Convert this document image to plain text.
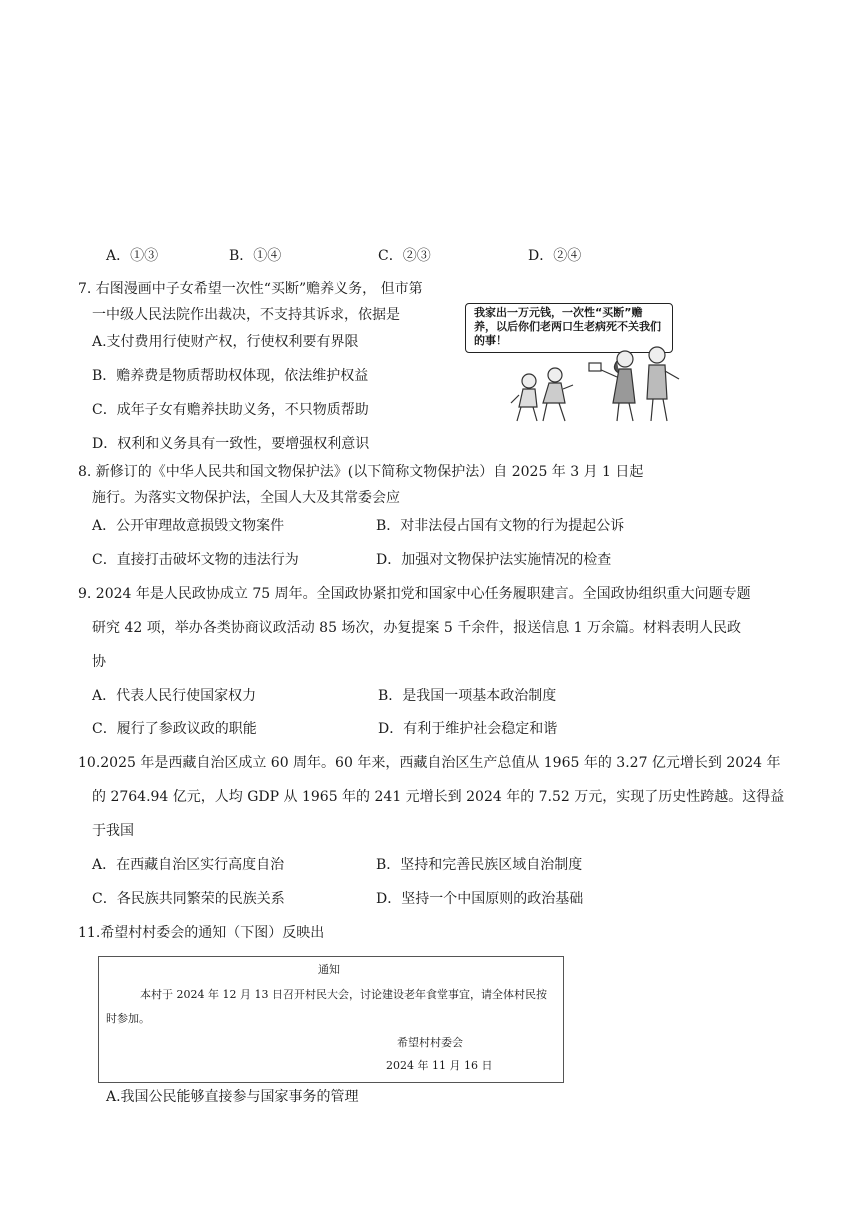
A．①③	B．①④	C．②③	D．②④
7. 右图漫画中子女希望一次性“买断”赡养义务， 但市第
一中级人民法院作出裁决，不支持其诉求，依据是
A.支付费用行使财产权，行使权利要有界限
B．赡养费是物质帮助权体现，依法维护权益
C．成年子女有赡养扶助义务，不只物质帮助
D．权利和义务具有一致性，要增强权利意识
我家出一万元钱，一次性“买断”赡养，以后你们老两口生老病死不关我们的事！
8. 新修订的《中华人民共和国文物保护法》(以下简称文物保护法）自 2025 年 3 月 1 日起
施行。为落实文物保护法，全国人大及其常委会应
A．公开审理故意损毁文物案件	B．对非法侵占国有文物的行为提起公诉
C．直接打击破坏文物的违法行为	D．加强对文物保护法实施情况的检查
9. 2024 年是人民政协成立 75 周年。全国政协紧扣党和国家中心任务履职建言。全国政协组织重大问题专题
研究 42 项，举办各类协商议政活动 85 场次，办复提案 5 千余件，报送信息 1 万余篇。材料表明人民政
协
A．代表人民行使国家权力	B．是我国一项基本政治制度
C．履行了参政议政的职能	D．有利于维护社会稳定和谐
10.2025 年是西藏自治区成立 60 周年。60 年来，西藏自治区生产总值从 1965 年的 3.27 亿元增长到 2024 年
的 2764.94 亿元，人均 GDP 从 1965 年的 241 元增长到 2024 年的 7.52 万元，实现了历史性跨越。这得益
于我国
A．在西藏自治区实行高度自治	B．坚持和完善民族区域自治制度
C．各民族共同繁荣的民族关系	D．坚持一个中国原则的政治基础
11.希望村村委会的通知（下图）反映出
通知
本村于 2024 年 12 月 13 日召开村民大会，讨论建设老年食堂事宜，请全体村民按
时参加。
希望村村委会
2024 年 11 月 16 日
A.我国公民能够直接参与国家事务的管理
